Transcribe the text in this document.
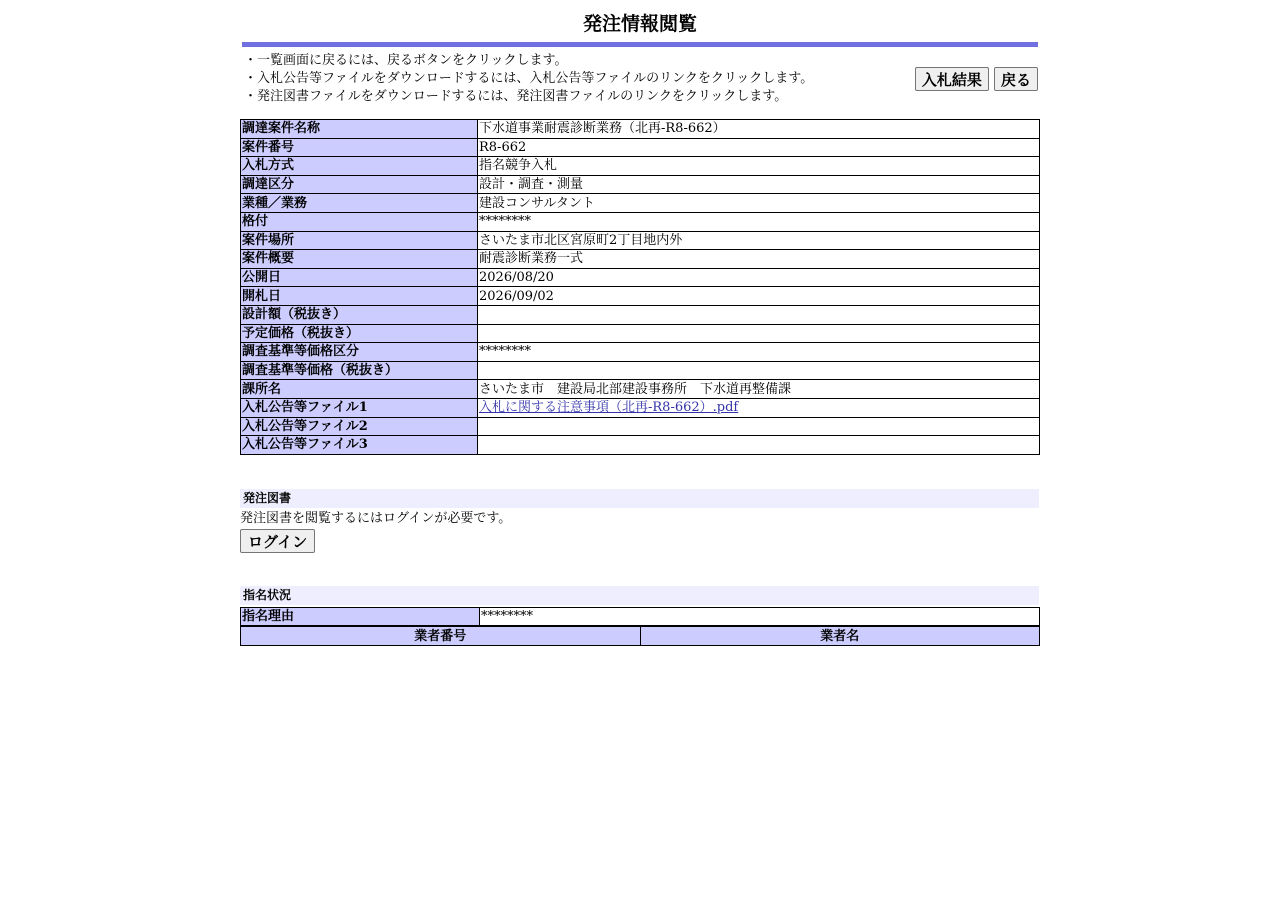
発注情報閲覧
・一覧画面に戻るには、戻るボタンをクリックします。
・入札公告等ファイルをダウンロードするには、入札公告等ファイルのリンクをクリックします。
・発注図書ファイルをダウンロードするには、発注図書ファイルのリンクをクリックします。
入札結果 戻る
調達案件名称	下水道事業耐震診断業務（北再-R8-662）
案件番号	R8-662
入札方式	指名競争入札
調達区分	設計・調査・測量
業種／業務	建設コンサルタント
格付	********
案件場所	さいたま市北区宮原町2丁目地内外
案件概要	耐震診断業務一式
公開日	2026/08/20
開札日	2026/09/02
設計額（税抜き）	
予定価格（税抜き）	
調査基準等価格区分	********
調査基準等価格（税抜き）	
課所名	さいたま市　建設局北部建設事務所　下水道再整備課
入札公告等ファイル1	入札に関する注意事項（北再-R8-662）.pdf
入札公告等ファイル2	
入札公告等ファイル3	
発注図書
発注図書を閲覧するにはログインが必要です。
ログイン
指名状況
指名理由	********
業者番号	業者名
